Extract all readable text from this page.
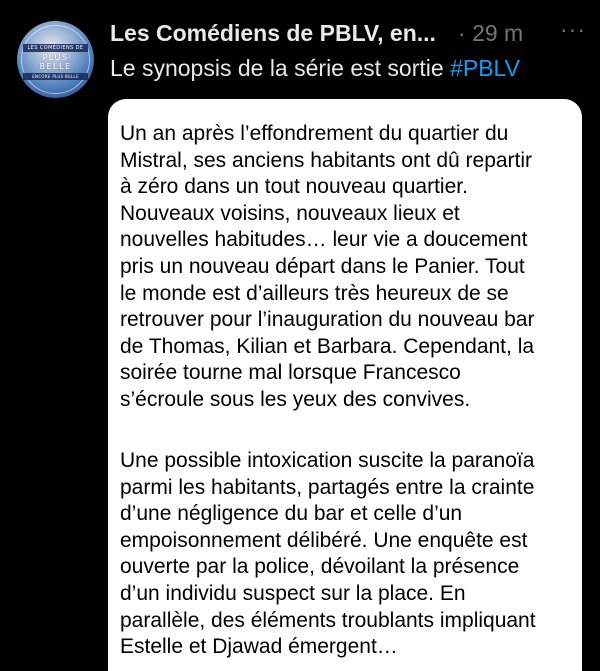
LES COMÉDIENS DE
PLUS
BELLE
ENCORE PLUS BELLE
Les Comédiens de PBLV, en... · 29 m ···
Le synopsis de la série est sortie #PBLV
Un an après l’effondrement du quartier du
Mistral, ses anciens habitants ont dû repartir
à zéro dans un tout nouveau quartier.
Nouveaux voisins, nouveaux lieux et
nouvelles habitudes… leur vie a doucement
pris un nouveau départ dans le Panier. Tout
le monde est d’ailleurs très heureux de se
retrouver pour l’inauguration du nouveau bar
de Thomas, Kilian et Barbara. Cependant, la
soirée tourne mal lorsque Francesco
s’écroule sous les yeux des convives.
Une possible intoxication suscite la paranoïa
parmi les habitants, partagés entre la crainte
d’une négligence du bar et celle d’un
empoisonnement délibéré. Une enquête est
ouverte par la police, dévoilant la présence
d’un individu suspect sur la place. En
parallèle, des éléments troublants impliquant
Estelle et Djawad émergent…
